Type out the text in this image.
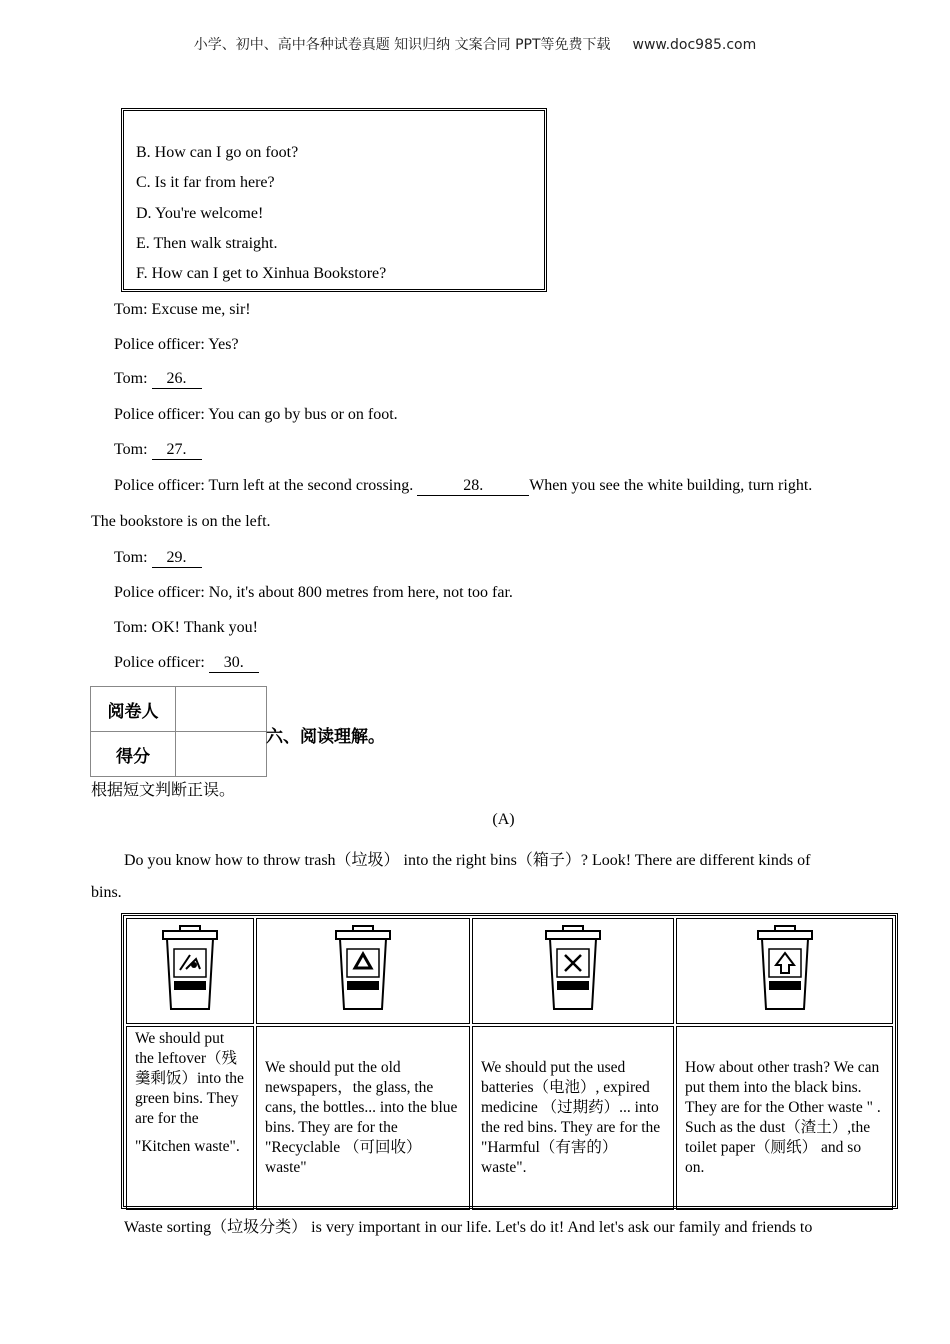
小学、初中、高中各种试卷真题 知识归纳 文案合同 PPT等免费下载 www.doc985.com
B. How can I go on foot?
C. Is it far from here?
D. You're welcome!
E. Then walk straight.
F. How can I get to Xinhua Bookstore?
Tom: Excuse me, sir!
Police officer: Yes?
Tom: 26.
Police officer: You can go by bus or on foot.
Tom: 27.
Police officer: Turn left at the second crossing.	28.	When you see the white building, turn right.
The bookstore is on the left.
Tom: 29.
Police officer: No, it's about 800 metres from here, not too far.
Tom: OK! Thank you!
Police officer: 30.
阅卷人	
得分	
六、阅读理解。
根据短文判断正误。
(A)
Do you know how to throw trash（垃圾） into the right bins（箱子）? Look! There are different kinds of
bins.

We should put the leftover（残羹剩饭）into the green bins. They are for the
"Kitchen waste".	We should put the old newspapers，the glass, the cans, the bottles... into the blue bins. They are for the "Recyclable （可回收） waste"	We should put the used batteries（电池）, expired medicine （过期药）... into the red bins. They are for the "Harmful（有害的） waste".	How about other trash? We can put them into the black bins. They are for the Other waste " . Such as the dust（渣土）,the toilet paper（厕纸） and so on.
Waste sorting（垃圾分类） is very important in our life. Let's do it! And let's ask our family and friends to
